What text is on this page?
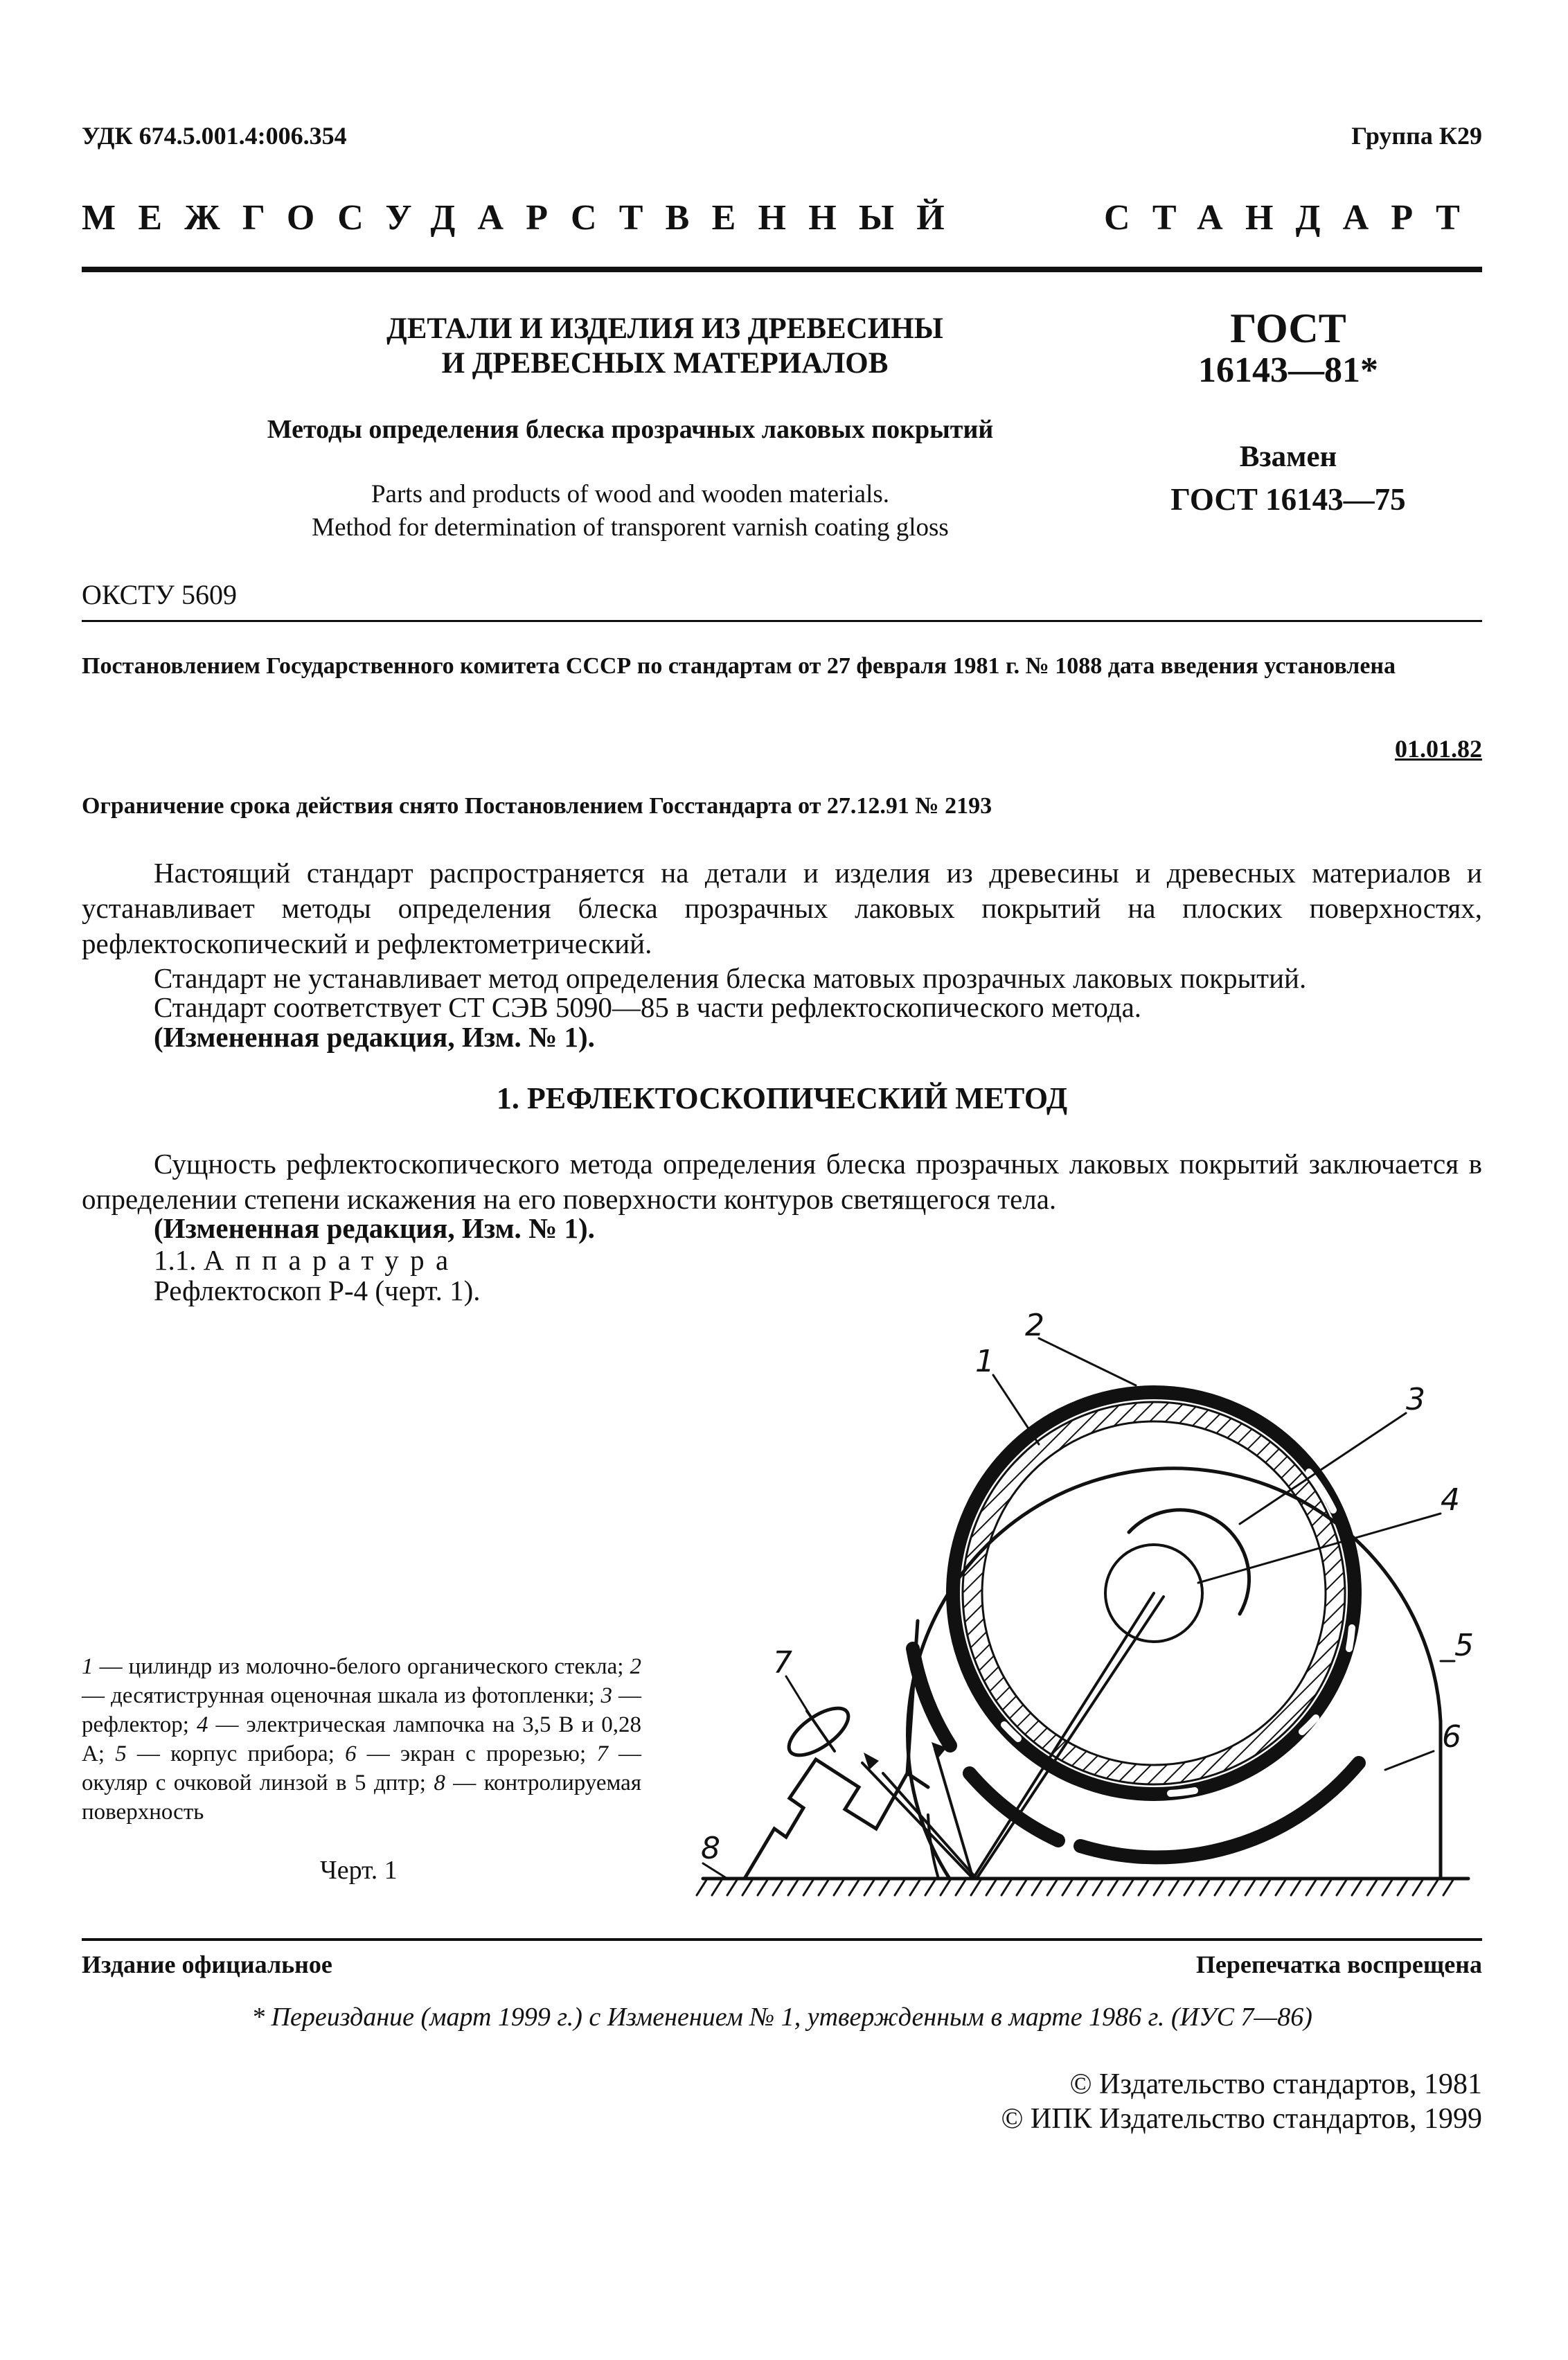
УДК 674.5.001.4:006.354	Группа К29
МЕЖГОСУДАРСТВЕННЫЙ СТАНДАРТ
ДЕТАЛИ И ИЗДЕЛИЯ ИЗ ДРЕВЕСИНЫ
И ДРЕВЕСНЫХ МАТЕРИАЛОВ
Методы определения блеска прозрачных лаковых покрытий
Parts and products of wood and wooden materials.
Method for determination of transporent varnish coating gloss
ГОСТ
16143—81*
Взамен
ГОСТ 16143—75
ОКСТУ 5609
Постановлением Государственного комитета СССР по стандартам от 27 февраля 1981 г. № 1088 дата введения установлена
01.01.82
Ограничение срока действия снято Постановлением Госстандарта от 27.12.91 № 2193
Настоящий стандарт распространяется на детали и изделия из древесины и древесных материалов и устанавливает методы определения блеска прозрачных лаковых покрытий на плоских поверхностях, рефлектоскопический и рефлектометрический.
Стандарт не устанавливает метод определения блеска матовых прозрачных лаковых покрытий.
Стандарт соответствует СТ СЭВ 5090—85 в части рефлектоскопического метода.
(Измененная редакция, Изм. № 1).
1. РЕФЛЕКТОСКОПИЧЕСКИЙ МЕТОД
Сущность рефлектоскопического метода определения блеска прозрачных лаковых покрытий заключается в определении степени искажения на его поверхности контуров светящегося тела.
(Измененная редакция, Изм. № 1).
1.1. Аппаратура
Рефлектоскоп Р-4 (черт. 1).
1 — цилиндр из молочно-белого органического стекла; 2 — десятиструнная оценочная шкала из фотопленки; 3 — рефлектор; 4 — электрическая лампочка на 3,5 В и 0,28 А; 5 — корпус прибора; 6 — экран с прорезью; 7 — окуляр с очковой линзой в 5 дптр; 8 — контролируемая поверхность
Черт. 1
1
2
3
4
5
6
7
8
Издание официальное	Перепечатка воспрещена
* Переиздание (март 1999 г.) с Изменением № 1, утвержденным в марте 1986 г. (ИУС 7—86)
© Издательство стандартов, 1981
© ИПК Издательство стандартов, 1999
